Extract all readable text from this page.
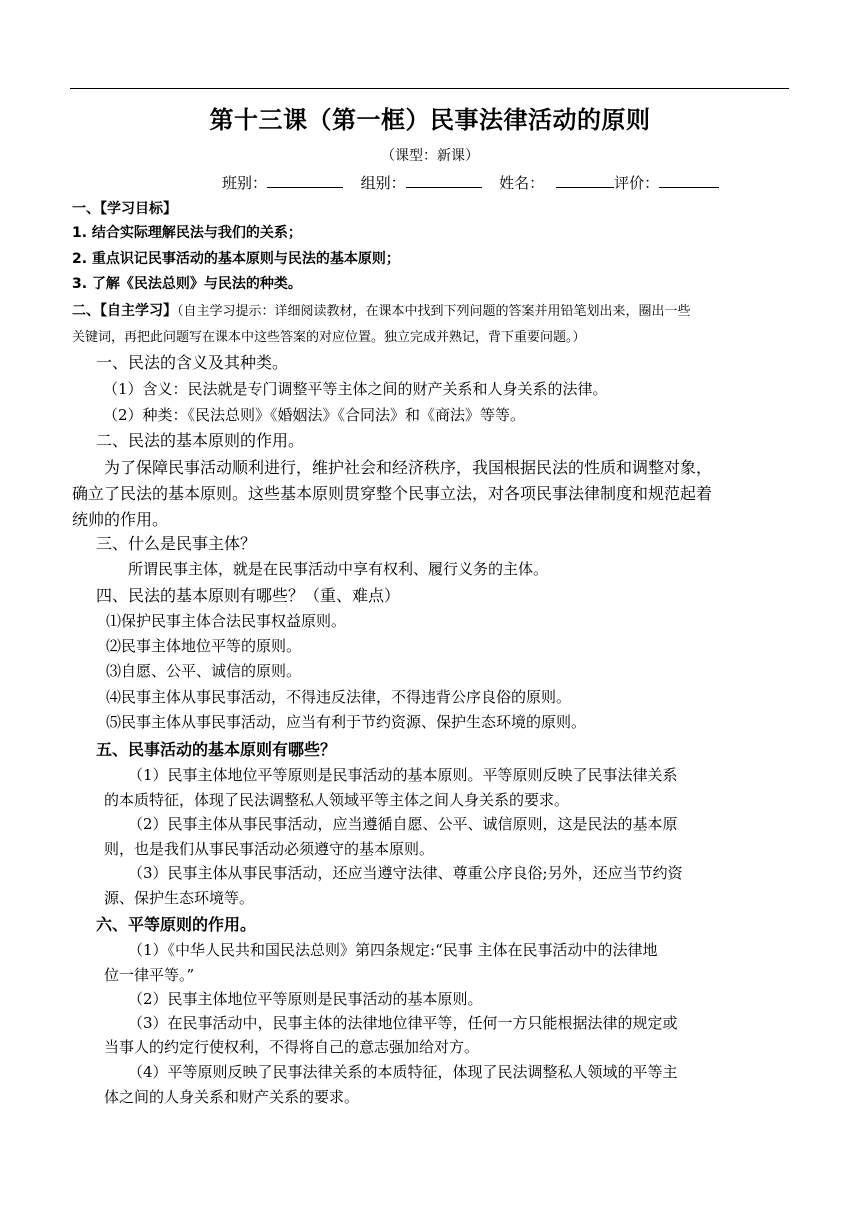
第十三课（第一框）民事法律活动的原则
（课型：新课）
班别：	组别：	姓名：	评价：
一、【学习目标】
1. 结合实际理解民法与我们的关系；
2. 重点识记民事活动的基本原则与民法的基本原则；
3. 了解《民法总则》与民法的种类。
二、【自主学习】（自主学习提示：详细阅读教材，在课本中找到下列问题的答案并用铅笔划出来，圈出一些
关键词，再把此问题写在课本中这些答案的对应位置。独立完成并熟记，背下重要问题。）
一、民法的含义及其种类。
（1）含义：民法就是专门调整平等主体之间的财产关系和人身关系的法律。
（2）种类：《民法总则》《婚姻法》《合同法》和《商法》等等。
二、民法的基本原则的作用。
为了保障民事活动顺利进行，维护社会和经济秩序，我国根据民法的性质和调整对象，
确立了民法的基本原则。这些基本原则贯穿整个民事立法，对各项民事法律制度和规范起着
统帅的作用。
三、什么是民事主体？
所谓民事主体，就是在民事活动中享有权利、履行义务的主体。
四、民法的基本原则有哪些？（重、难点）
⑴保护民事主体合法民事权益原则。
⑵民事主体地位平等的原则。
⑶自愿、公平、诚信的原则。
⑷民事主体从事民事活动，不得违反法律，不得违背公序良俗的原则。
⑸民事主体从事民事活动，应当有利于节约资源、保护生态环境的原则。
五、民事活动的基本原则有哪些？
（1）民事主体地位平等原则是民事活动的基本原则。平等原则反映了民事法律关系
的本质特征，体现了民法调整私人领域平等主体之间人身关系的要求。
（2）民事主体从事民事活动，应当遵循自愿、公平、诚信原则，这是民法的基本原
则，也是我们从事民事活动必须遵守的基本原则。
（3）民事主体从事民事活动，还应当遵守法律、尊重公序良俗;另外，还应当节约资
源、保护生态环境等。
六、平等原则的作用。
（1）《中华人民共和国民法总则》第四条规定:“民事 主体在民事活动中的法律地
位一律平等。”
（2）民事主体地位平等原则是民事活动的基本原则。
（3）在民事活动中，民事主体的法律地位律平等，任何一方只能根据法律的规定或
当事人的约定行使权利，不得将自己的意志强加给对方。
（4）平等原则反映了民事法律关系的本质特征，体现了民法调整私人领域的平等主
体之间的人身关系和财产关系的要求。
